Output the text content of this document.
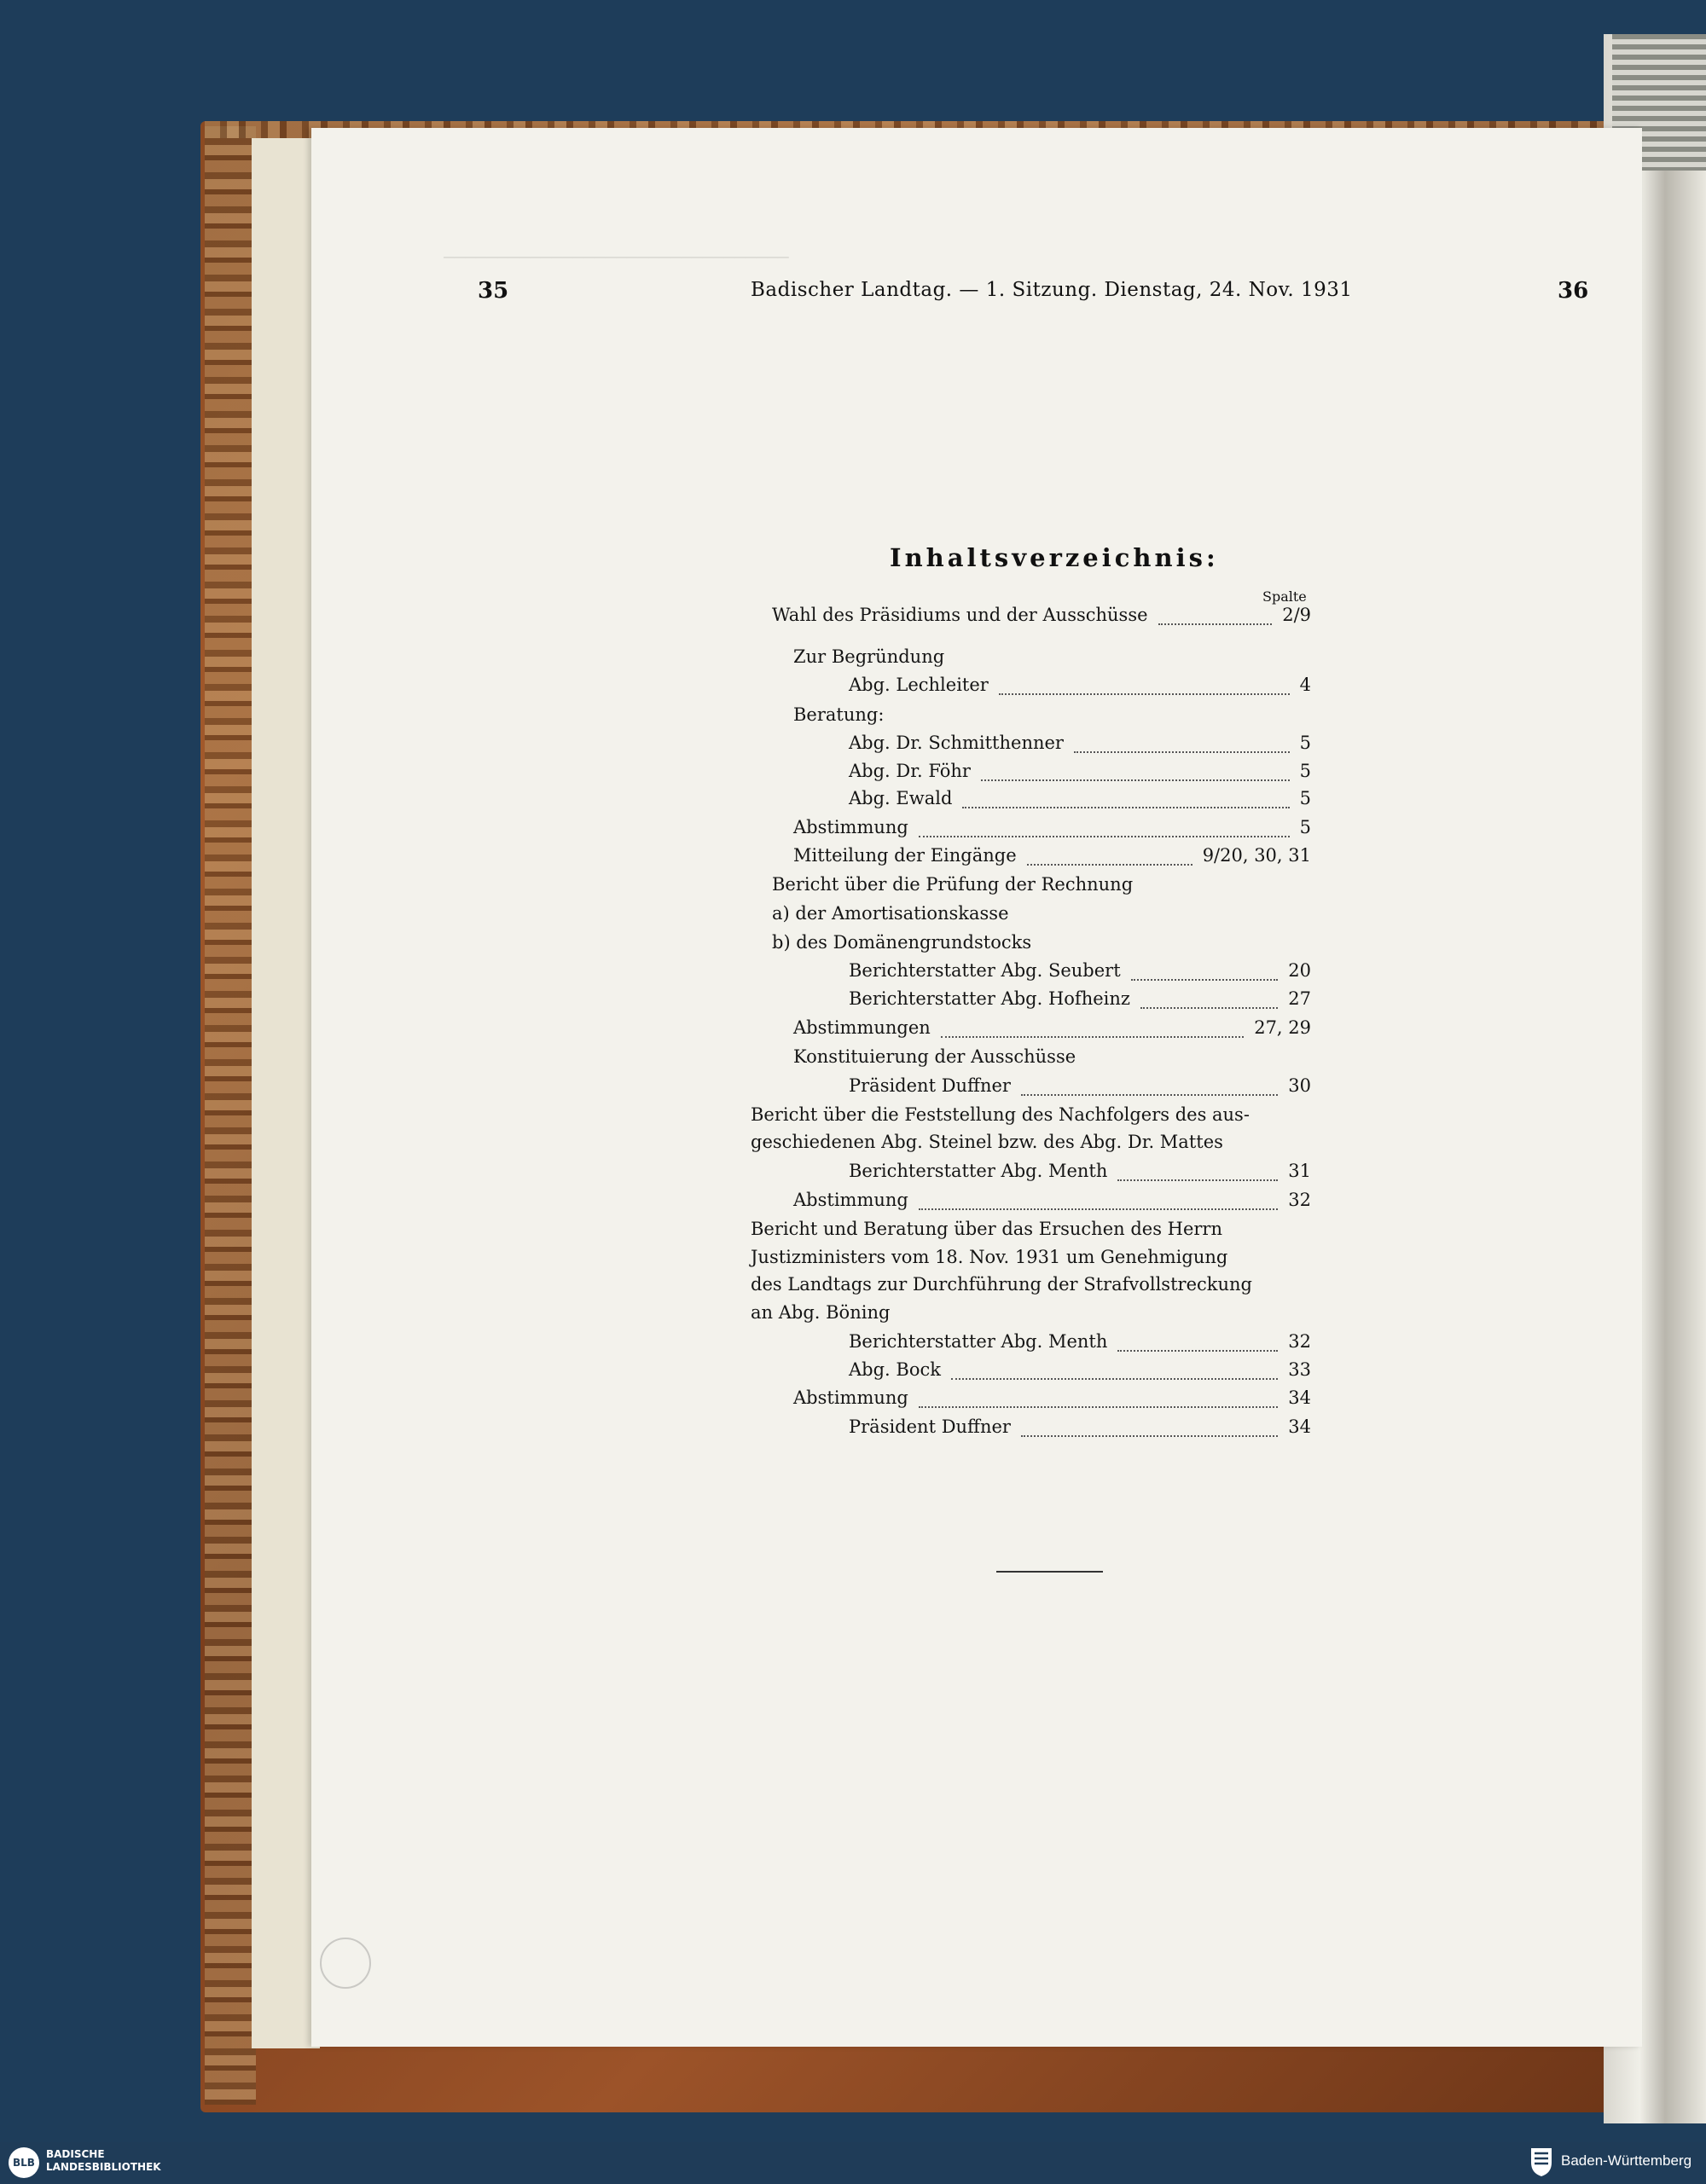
────────────────────────────────
35	Badischer Landtag. — 1. Sitzung. Dienstag, 24. Nov. 1931	36
Inhaltsverzeichnis:
Spalte
Wahl des Präsidiums und der Ausschüsse	2/9
Zur Begründung
Abg. Lechleiter	4
Beratung:
Abg. Dr. Schmitthenner	5
Abg. Dr. Föhr	5
Abg. Ewald	5
Abstimmung	5
Mitteilung der Eingänge	9/20, 30, 31
Bericht über die Prüfung der Rechnung
a) der Amortisationskasse
b) des Domänengrundstocks
Berichterstatter Abg. Seubert	20
Berichterstatter Abg. Hofheinz	27
Abstimmungen	27, 29
Konstituierung der Ausschüsse
Präsident Duffner	30
Bericht über die Feststellung des Nachfolgers des aus-
geschiedenen Abg. Steinel bzw. des Abg. Dr. Mattes
Berichterstatter Abg. Menth	31
Abstimmung	32
Bericht und Beratung über das Ersuchen des Herrn
Justizministers vom 18. Nov. 1931 um Genehmigung
des Landtags zur Durchführung der Strafvollstreckung
an Abg. Böning
Berichterstatter Abg. Menth	32
Abg. Bock	33
Abstimmung	34
Präsident Duffner	34
BLB
BADISCHE
LANDESBIBLIOTHEK	Baden-Württemberg
